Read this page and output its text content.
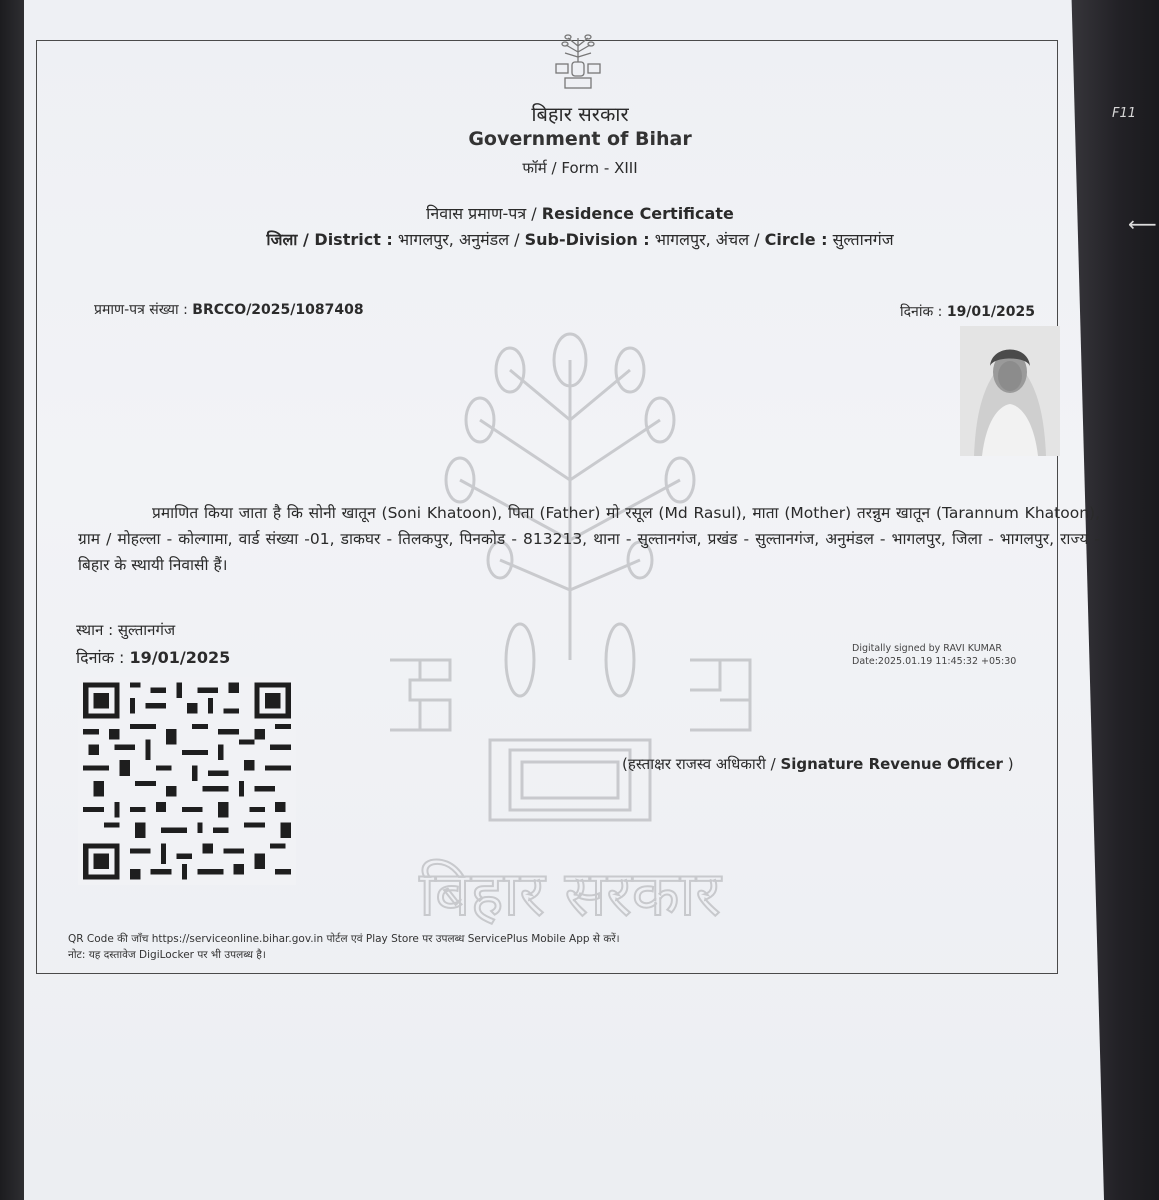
F11
⟵
बिहार सरकार
Government of Bihar
फॉर्म / Form - XIII
निवास प्रमाण-पत्र / Residence Certificate
जिला / District : भागलपुर, अनुमंडल / Sub-Division : भागलपुर, अंचल / Circle : सुल्तानगंज
प्रमाण-पत्र संख्या : BRCCO/2025/1087408	दिनांक : 19/01/2025
बिहार सरकार
प्रमाणित किया जाता है कि सोनी खातून (Soni Khatoon), पिता (Father) मो रसूल (Md Rasul), माता (Mother) तरन्नुम खातून (Tarannum Khatoon), ग्राम / मोहल्ला - कोल्गामा, वार्ड संख्या -01, डाकघर - तिलकपुर, पिनकोड - 813213, थाना - सुल्तानगंज, प्रखंड - सुल्तानगंज, अनुमंडल - भागलपुर, जिला - भागलपुर, राज्य - बिहार के स्थायी निवासी हैं।
स्थान : सुल्तानगंज
दिनांक : 19/01/2025	Digitally signed by RAVI KUMAR
Date:2025.01.19 11:45:32 +05:30
(हस्ताक्षर राजस्व अधिकारी / Signature Revenue Officer )
QR Code की जाँच https://serviceonline.bihar.gov.in पोर्टल एवं Play Store पर उपलब्ध ServicePlus Mobile App से करें।
नोट: यह दस्तावेज DigiLocker पर भी उपलब्ध है।
